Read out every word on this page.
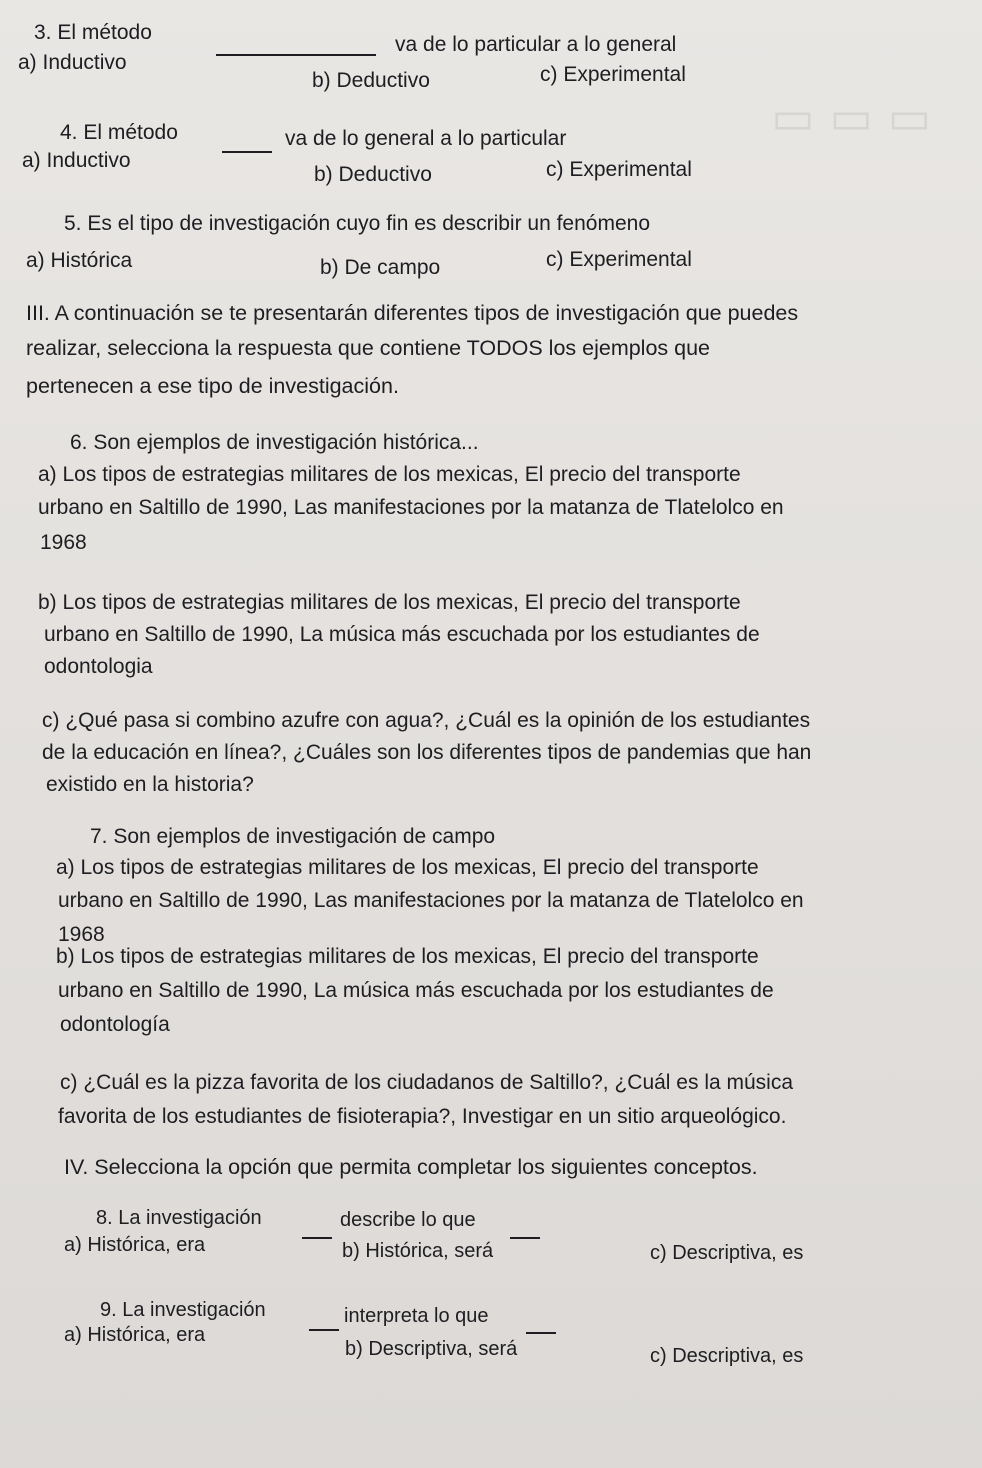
▭ ▭ ▭
3. El método
va de lo particular a lo general
a) Inductivo
b) Deductivo	c) Experimental
4. El método	va de lo general a lo particular
a) Inductivo
b) Deductivo	c) Experimental
5. Es el tipo de investigación cuyo fin es describir un fenómeno
a) Histórica	b) De campo	c) Experimental
III. A continuación se te presentarán diferentes tipos de investigación que puedes
realizar, selecciona la respuesta que contiene TODOS los ejemplos que
pertenecen a ese tipo de investigación.
6. Son ejemplos de investigación histórica...
a) Los tipos de estrategias militares de los mexicas, El precio del transporte
urbano en Saltillo de 1990, Las manifestaciones por la matanza de Tlatelolco en
1968
b) Los tipos de estrategias militares de los mexicas, El precio del transporte
urbano en Saltillo de 1990, La música más escuchada por los estudiantes de
odontologia
c) ¿Qué pasa si combino azufre con agua?, ¿Cuál es la opinión de los estudiantes
de la educación en línea?, ¿Cuáles son los diferentes tipos de pandemias que han
existido en la historia?
7. Son ejemplos de investigación de campo
a) Los tipos de estrategias militares de los mexicas, El precio del transporte
urbano en Saltillo de 1990, Las manifestaciones por la matanza de Tlatelolco en
1968
b) Los tipos de estrategias militares de los mexicas, El precio del transporte
urbano en Saltillo de 1990, La música más escuchada por los estudiantes de
odontología
c) ¿Cuál es la pizza favorita de los ciudadanos de Saltillo?, ¿Cuál es la música
favorita de los estudiantes de fisioterapia?, Investigar en un sitio arqueológico.
IV. Selecciona la opción que permita completar los siguientes conceptos.
8. La investigación	describe lo que
a) Histórica, era	b) Histórica, será	c) Descriptiva, es
9. La investigación	interpreta lo que
a) Histórica, era
b) Descriptiva, será	c) Descriptiva, es
